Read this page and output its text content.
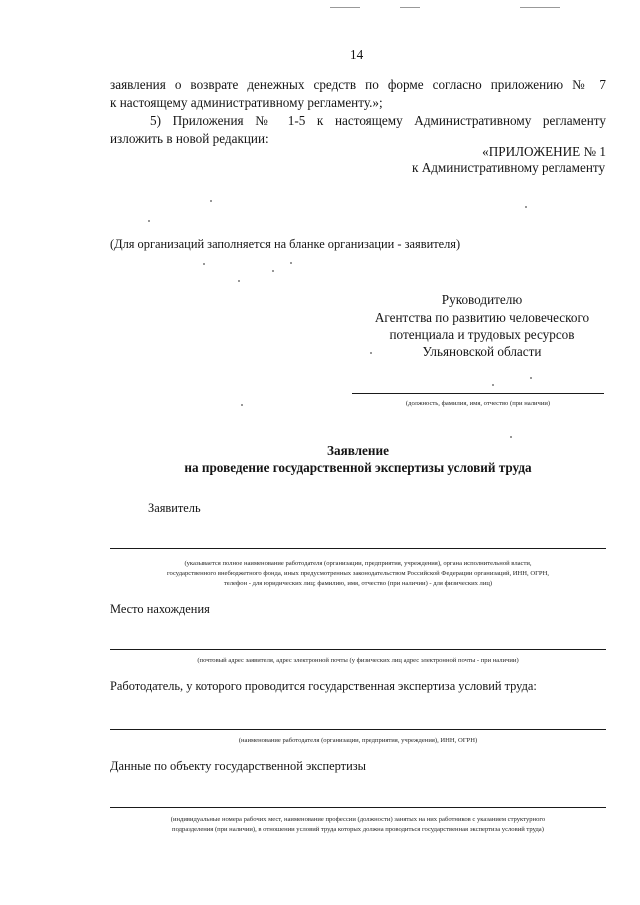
14
заявления о возврате денежных средств по форме согласно приложению № 7
к настоящему административному регламенту.»;
5) Приложения № 1-5 к настоящему Административному регламенту
изложить в новой редакции:
«ПРИЛОЖЕНИЕ № 1
к Административному регламенту
(Для организаций заполняется на бланке организации - заявителя)
Руководителю
Агентства по развитию человеческого
потенциала и трудовых ресурсов
Ульяновской области
(должность, фамилия, имя, отчество (при наличии)
Заявление
на проведение государственной экспертизы условий труда
Заявитель
(указывается полное наименование работодателя (организации, предприятия, учреждения), органа исполнительной власти,
государственного внебюджетного фонда, иных предусмотренных законодательством Российской Федерации организаций, ИНН, ОГРН,
телефон - для юридических лиц; фамилию, имя, отчество (при наличии) - для физических лиц)
Место нахождения
(почтовый адрес заявителя, адрес электронной почты (у физических лиц адрес электронной почты - при наличии)
Работодатель, у которого проводится государственная экспертиза условий труда:
(наименование работодателя (организации, предприятия, учреждения), ИНН, ОГРН)
Данные по объекту государственной экспертизы
(индивидуальные номера рабочих мест, наименование профессии (должности) занятых на них работников с указанием структурного
подразделения (при наличии), в отношении условий труда которых должна проводиться государственная экспертиза условий труда)
